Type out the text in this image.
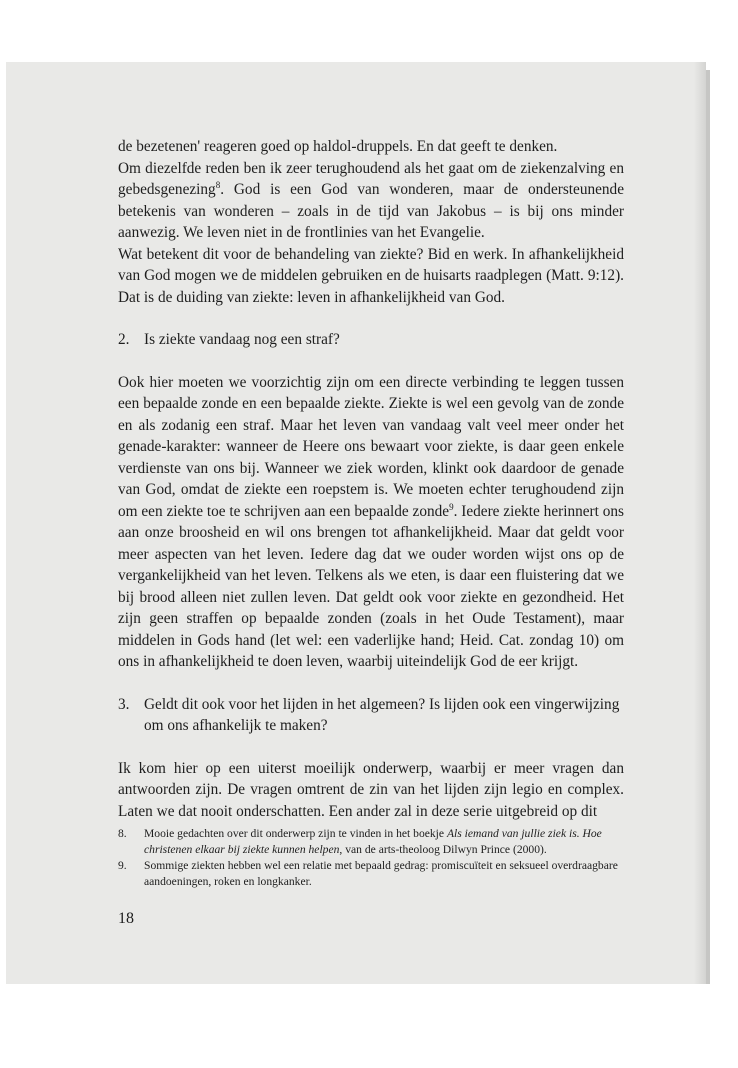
de bezetenen' reageren goed op haldol-druppels. En dat geeft te denken.

Om diezelfde reden ben ik zeer terughoudend als het gaat om de ziekenzalving en gebedsgenezing$^8$. God is een God van wonderen, maar de ondersteunende betekenis van wonderen – zoals in de tijd van Jakobus – is bij ons minder aanwezig. We leven niet in de frontlinies van het Evangelie.

Wat betekent dit voor de behandeling van ziekte? Bid en werk. In afhankelijkheid van God mogen we de middelen gebruiken en de huisarts raadplegen (Matt. 9:12). Dat is de duiding van ziekte: leven in afhankelijkheid van God.

2. Is ziekte vandaag nog een straf?

Ook hier moeten we voorzichtig zijn om een directe verbinding te leggen tussen een bepaalde zonde en een bepaalde ziekte. Ziekte is wel een gevolg van de zonde en als zodanig een straf. Maar het leven van vandaag valt veel meer onder het genade-karakter: wanneer de Heere ons bewaart voor ziekte, is daar geen enkele verdienste van ons bij. Wanneer we ziek worden, klinkt ook daardoor de genade van God, omdat de ziekte een roepstem is. We moeten echter terughoudend zijn om een ziekte toe te schrijven aan een bepaalde zonde$^9$. Iedere ziekte herinnert ons aan onze broosheid en wil ons brengen tot afhankelijkheid. Maar dat geldt voor meer aspecten van het leven. Iedere dag dat we ouder worden wijst ons op de vergankelijkheid van het leven. Telkens als we eten, is daar een fluistering dat we bij brood alleen niet zullen leven. Dat geldt ook voor ziekte en gezondheid. Het zijn geen straffen op bepaalde zonden (zoals in het Oude Testament), maar middelen in Gods hand (let wel: een vaderlijke hand; Heid. Cat. zondag 10) om ons in afhankelijkheid te doen leven, waarbij uiteindelijk God de eer krijgt.

3. Geldt dit ook voor het lijden in het algemeen? Is lijden ook een vingerwijzing om ons afhankelijk te maken?

Ik kom hier op een uiterst moeilijk onderwerp, waarbij er meer vragen dan antwoorden zijn. De vragen omtrent de zin van het lijden zijn legio en complex. Laten we dat nooit onderschatten. Een ander zal in deze serie uitgebreid op dit

8.	Mooie gedachten over dit onderwerp zijn te vinden in het boekje Als iemand van jullie ziek is. Hoe christenen elkaar bij ziekte kunnen helpen, van de arts-theoloog Dilwyn Prince (2000).
9.	Sommige ziekten hebben wel een relatie met bepaald gedrag: promiscuïteit en seksueel overdraagbare aandoeningen, roken en longkanker.
18
